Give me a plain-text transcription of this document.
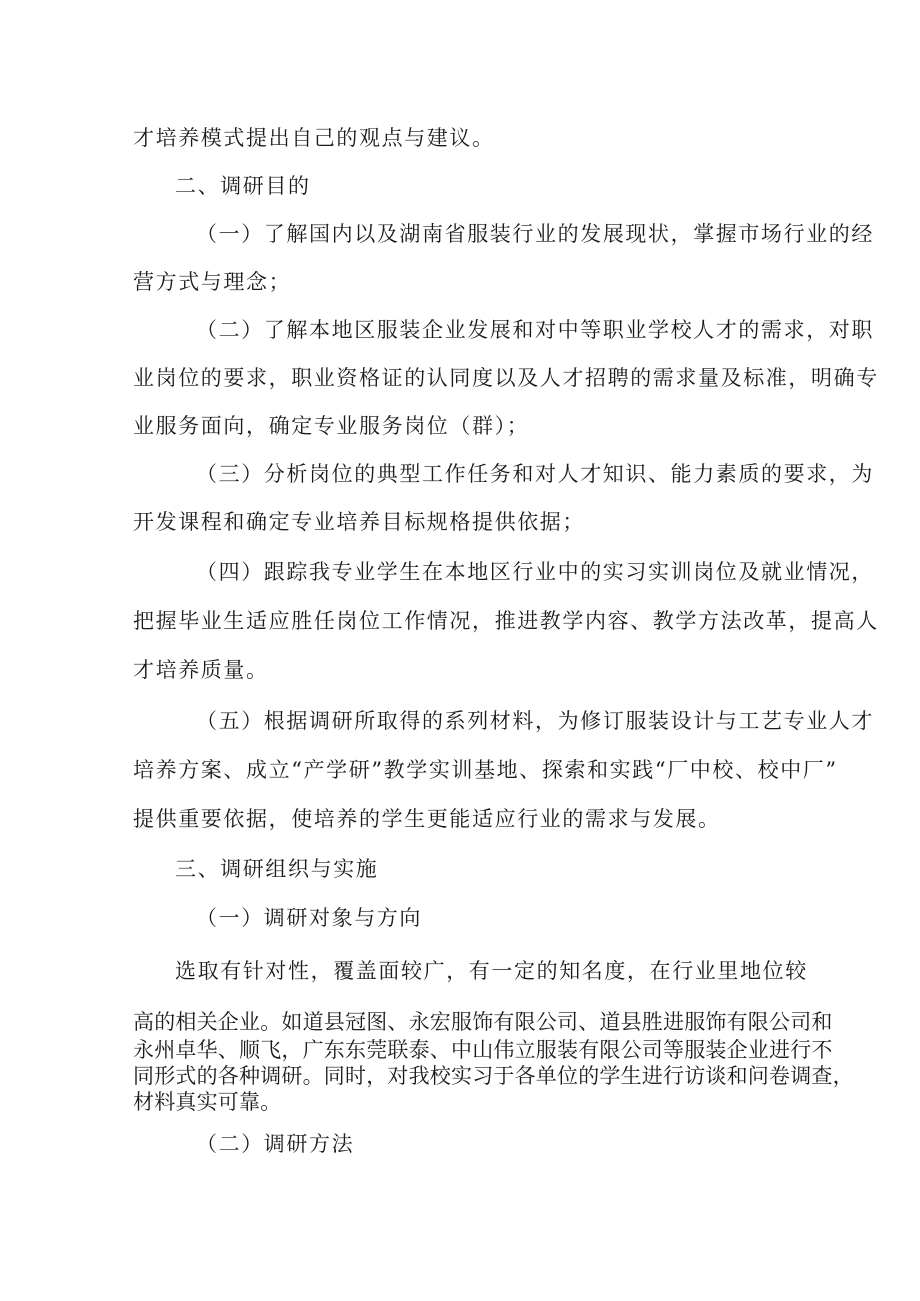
才培养模式提出自己的观点与建议。
二、调研目的
（一）了解国内以及湖南省服装行业的发展现状，掌握市场行业的经
营方式与理念；
（二）了解本地区服装企业发展和对中等职业学校人才的需求，对职
业岗位的要求，职业资格证的认同度以及人才招聘的需求量及标准，明确专
业服务面向，确定专业服务岗位（群）；
（三）分析岗位的典型工作任务和对人才知识、能力素质的要求，为
开发课程和确定专业培养目标规格提供依据；
（四）跟踪我专业学生在本地区行业中的实习实训岗位及就业情况，
把握毕业生适应胜任岗位工作情况，推进教学内容、教学方法改革，提高人
才培养质量。
（五）根据调研所取得的系列材料，为修订服装设计与工艺专业人才
培养方案、成立“产学研”教学实训基地、探索和实践“厂中校、校中厂”
提供重要依据，使培养的学生更能适应行业的需求与发展。
三、调研组织与实施
（一）调研对象与方向
选取有针对性，覆盖面较广，有一定的知名度，在行业里地位较
高的相关企业。如道县冠图、永宏服饰有限公司、道县胜进服饰有限公司和
永州卓华、顺飞，广东东莞联泰、中山伟立服装有限公司等服装企业进行不
同形式的各种调研。同时，对我校实习于各单位的学生进行访谈和问卷调查，
材料真实可靠。
（二）调研方法
